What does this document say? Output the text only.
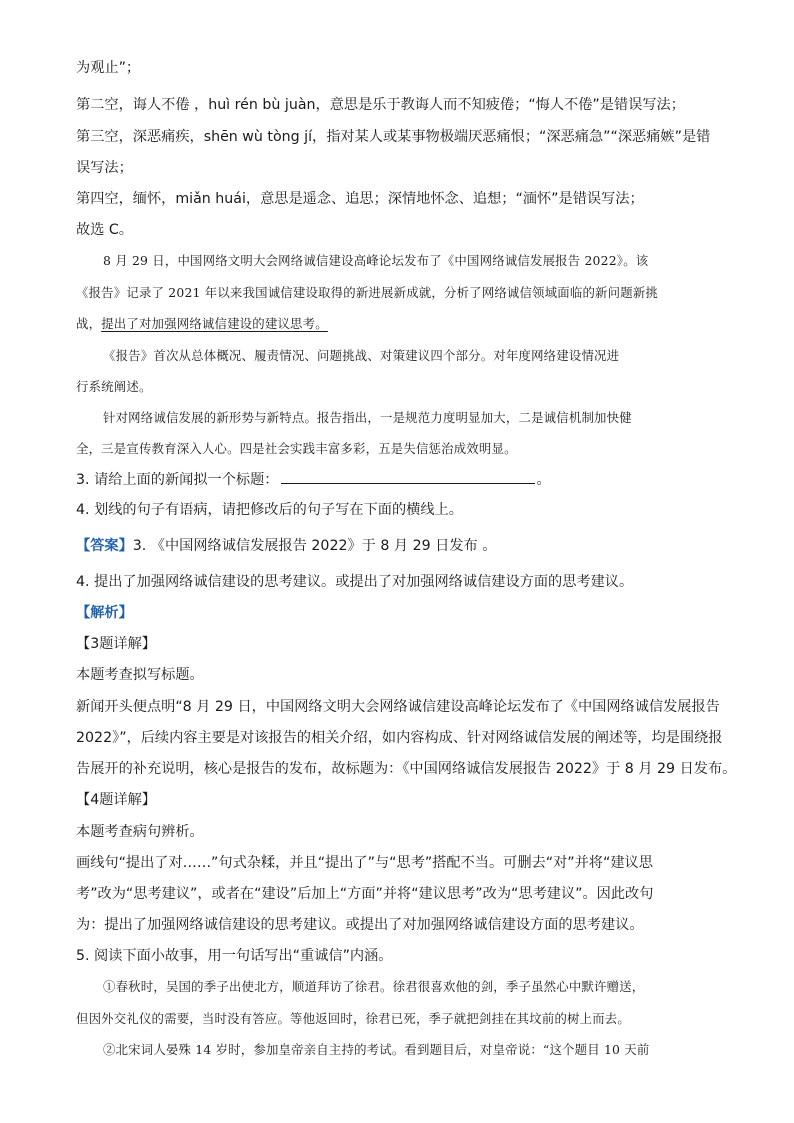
为观止”；
第二空，诲人不倦 ，huì rén bù juàn，意思是乐于教诲人而不知疲倦；“悔人不倦”是错误写法；
第三空，深恶痛疾，shēn wù tòng jí，指对某人或某事物极端厌恶痛恨；“深恶痛急”“深恶痛嫉”是错
误写法；
第四空，缅怀，miǎn huái，意思是遥念、追思；深情地怀念、追想；“湎怀”是错误写法；
故选 C。
8 月 29 日，中国网络文明大会网络诚信建设高峰论坛发布了《中国网络诚信发展报告 2022》。该
《报告》记录了 2021 年以来我国诚信建设取得的新进展新成就，分析了网络诚信领域面临的新问题新挑
战，提出了对加强网络诚信建设的建议思考。
《报告》首次从总体概况、履责情况、问题挑战、对策建议四个部分。对年度网络建设情况进
行系统阐述。
针对网络诚信发展的新形势与新特点。报告指出，一是规范力度明显加大，二是诚信机制加快健
全，三是宣传教育深入人心。四是社会实践丰富多彩，五是失信惩治成效明显。
3. 请给上面的新闻拟一个标题：	。
4. 划线的句子有语病，请把修改后的句子写在下面的横线上。
【答案】3. 《中国网络诚信发展报告 2022》于 8 月 29 日发布 。
4. 提出了加强网络诚信建设的思考建议。或提出了对加强网络诚信建设方面的思考建议。
【解析】
【3题详解】
本题考查拟写标题。
新闻开头便点明“8 月 29 日，中国网络文明大会网络诚信建设高峰论坛发布了《中国网络诚信发展报告
2022》”，后续内容主要是对该报告的相关介绍，如内容构成、针对网络诚信发展的阐述等，均是围绕报
告展开的补充说明，核心是报告的发布，故标题为：《中国网络诚信发展报告 2022》于 8 月 29 日发布。
【4题详解】
本题考查病句辨析。
画线句“提出了对……”句式杂糅，并且“提出了”与“思考”搭配不当。可删去“对”并将“建议思
考”改为“思考建议”，或者在“建设”后加上“方面”并将“建议思考”改为“思考建议”。因此改句
为：提出了加强网络诚信建设的思考建议。或提出了对加强网络诚信建设方面的思考建议。
5. 阅读下面小故事，用一句话写出“重诚信”内涵。
①春秋时，吴国的季子出使北方，顺道拜访了徐君。徐君很喜欢他的剑，季子虽然心中默许赠送，
但因外交礼仪的需要，当时没有答应。等他返回时，徐君已死，季子就把剑挂在其坟前的树上而去。
②北宋词人晏殊 14 岁时，参加皇帝亲自主持的考试。看到题目后，对皇帝说：“这个题目 10 天前
